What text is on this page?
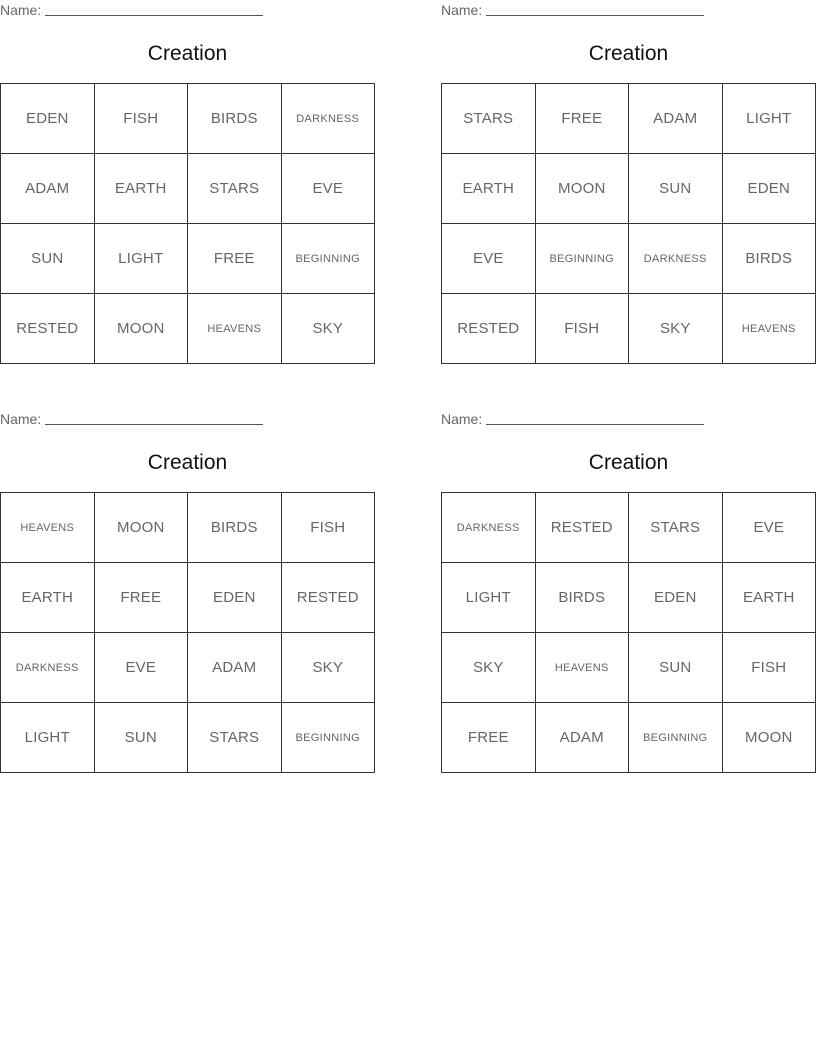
Name:
Creation
EDEN	FISH	BIRDS	DARKNESS
ADAM	EARTH	STARS	EVE
SUN	LIGHT	FREE	BEGINNING
RESTED	MOON	HEAVENS	SKY
Name:
Creation
STARS	FREE	ADAM	LIGHT
EARTH	MOON	SUN	EDEN
EVE	BEGINNING	DARKNESS	BIRDS
RESTED	FISH	SKY	HEAVENS
Name:
Creation
HEAVENS	MOON	BIRDS	FISH
EARTH	FREE	EDEN	RESTED
DARKNESS	EVE	ADAM	SKY
LIGHT	SUN	STARS	BEGINNING
Name:
Creation
DARKNESS	RESTED	STARS	EVE
LIGHT	BIRDS	EDEN	EARTH
SKY	HEAVENS	SUN	FISH
FREE	ADAM	BEGINNING	MOON
